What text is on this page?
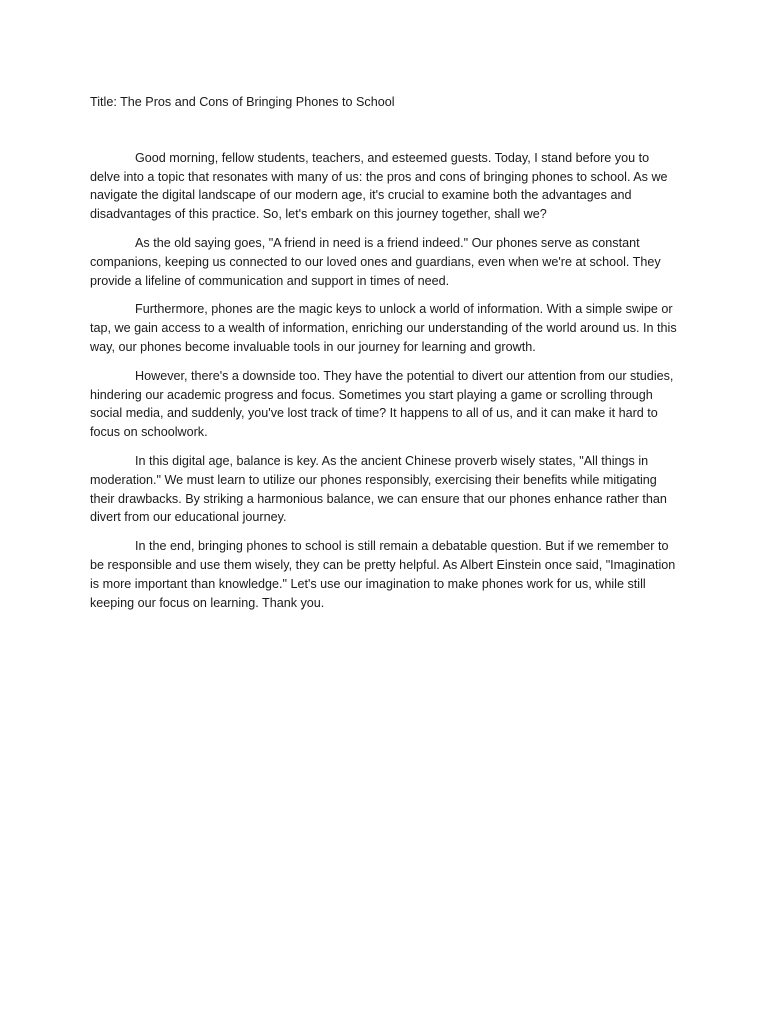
Title: The Pros and Cons of Bringing Phones to School

Good morning, fellow students, teachers, and esteemed guests. Today, I stand before you to delve into a topic that resonates with many of us: the pros and cons of bringing phones to school. As we navigate the digital landscape of our modern age, it's crucial to examine both the advantages and disadvantages of this practice. So, let's embark on this journey together, shall we?

As the old saying goes, "A friend in need is a friend indeed." Our phones serve as constant companions, keeping us connected to our loved ones and guardians, even when we're at school. They provide a lifeline of communication and support in times of need.

Furthermore, phones are the magic keys to unlock a world of information. With a simple swipe or tap, we gain access to a wealth of information, enriching our understanding of the world around us. In this way, our phones become invaluable tools in our journey for learning and growth.

However, there's a downside too. They have the potential to divert our attention from our studies, hindering our academic progress and focus. Sometimes you start playing a game or scrolling through social media, and suddenly, you've lost track of time? It happens to all of us, and it can make it hard to focus on schoolwork.

In this digital age, balance is key. As the ancient Chinese proverb wisely states, "All things in moderation." We must learn to utilize our phones responsibly, exercising their benefits while mitigating their drawbacks. By striking a harmonious balance, we can ensure that our phones enhance rather than divert from our educational journey.

In the end, bringing phones to school is still remain a debatable question. But if we remember to be responsible and use them wisely, they can be pretty helpful. As Albert Einstein once said, "Imagination is more important than knowledge." Let's use our imagination to make phones work for us, while still keeping our focus on learning. Thank you.
